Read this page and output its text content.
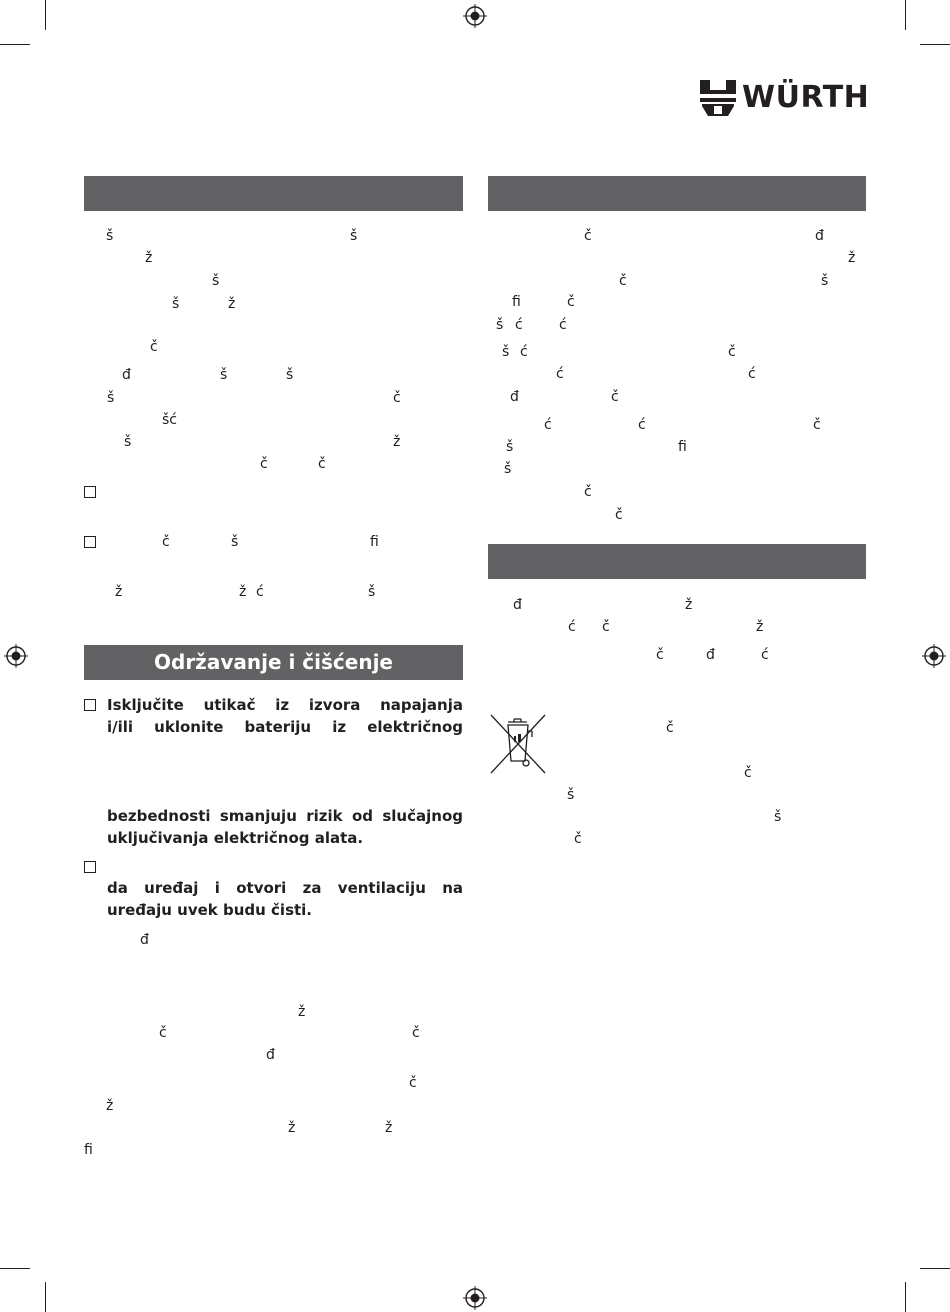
WÜRTH
Održavanje i čišćenje
š	š
ž
š
š	ž
č
đ	š	š
š	č
šć
š	ž
č	č
č	š	ﬁ
ž	ž ć	š
Isključite utikač iz izvora napajanja
i/ili uklonite bateriju iz električnog
bezbednosti smanjuju rizik od slučajnog
uključivanja električnog alata.
da uređaj i otvori za ventilaciju na
uređaju uvek budu čisti.
đ
ž
č	č
đ
č
ž
ž	ž
ﬁ
č	đ
ž
č	š
ﬁ	č
š ć	ć
š ć	č
ć	ć
đ	č
ć	ć	č
š	ﬁ
š
č
č
đ	ž
ć č	ž
č	đ	ć
č
č
š
š
č
